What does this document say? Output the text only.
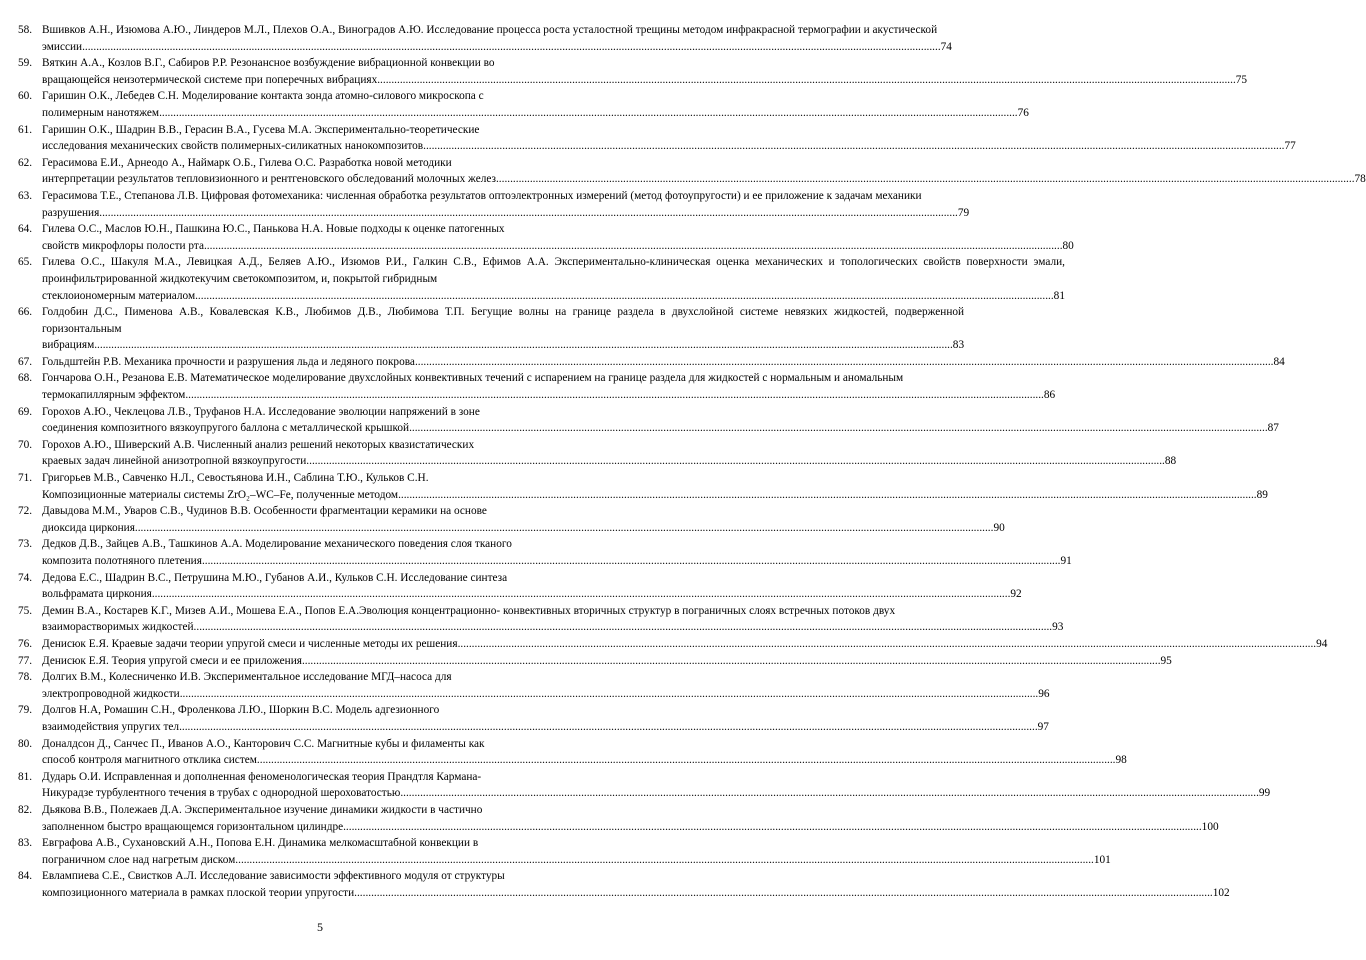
58. Вшивков А.Н., Изюмова А.Ю., Линдеров М.Л., Плехов О.А., Виноградов А.Ю. Исследование процесса роста усталостной трещины методом инфракрасной термографии и акустической
эмиссии .....	74
59. Вяткин А.А., Козлов В.Г., Сабиров Р.Р. Резонансное возбуждение вибрационной конвекции во
вращающейся неизотермической системе при поперечных вибрациях .....	75
60. Гаришин О.К., Лебедев С.Н. Моделирование контакта зонда атомно-силового микроскопа с
полимерным нанотяжем .....	76
61. Гаришин О.К., Шадрин В.В., Герасин В.А., Гусева М.А. Экспериментально-теоретические
исследования механических свойств полимерных-силикатных нанокомпозитов. .....	77
62. Герасимова Е.И., Арнеодо А., Наймарк О.Б., Гилева О.С. Разработка новой методики
интерпретации результатов тепловизионного и рентгеновского обследований молочных желез .....	78
63. Герасимова Т.Е., Степанова Л.В. Цифровая фотомеханика: численная обработка результатов оптоэлектронных измерений (метод фотоупругости) и ее приложение к задачам механики
разрушения .....	79
64. Гилева О.С., Маслов Ю.Н., Пашкина Ю.С., Паньковa Н.А. Новые подходы к оценке патогенных
свойств микрофлоры полости рта .....	80
65. Гилева О.С., Шакуля М.А., Левицкая А.Д., Беляев А.Ю., Изюмов Р.И., Галкин С.В., Ефимов А.А. Экспериментально-клиническая оценка механических и топологических свойств поверхности эмали, проинфильтрированной жидкотекучим светокомпозитом, и, покрытой гибридным
стеклоиономерным материалом .....	81
66. Голдобин Д.С., Пименова А.В., Ковалевская К.В., Любимов Д.В., Любимова Т.П. Бегущие волны на границе раздела в двухслойной системе невязких жидкостей, подверженной горизонтальным
вибрациям .....	83
67. Гольдштейн Р.В. Механика прочности и разрушения льда и ледяного покрова .....	84
68. Гончарова О.Н., Резанова Е.В. Математическое моделирование двухслойных конвективных течений с испарением на границе раздела для жидкостей с нормальным и аномальным
термокапиллярным эффектом .....	86
69. Горохов А.Ю., Чеклецова Л.В., Труфанов Н.А. Исследование эволюции напряжений в зоне
соединения композитного вязкоупругого баллона с металлической крышкой .....	87
70. Горохов А.Ю., Шиверский А.В. Численный анализ решений некоторых квазистатических
краевых задач линейной анизотропной вязкоупругости .....	88
71. Григорьев М.В., Савченко Н.Л., Севостьянова И.Н., Саблина Т.Ю., Кульков С.Н.
Композиционные материалы системы ZrO₂–WC–Fe, полученные методом .....	89
72. Давыдова М.М., Уваров С.В., Чудинов В.В. Особенности фрагментации керамики на основе
диоксида циркония .....	90
73. Дедков Д.В., Зайцев А.В., Ташкинов А.А. Моделирование механического поведения слоя тканого
композита полотняного плетения .....	91
74. Дедова Е.С., Шадрин В.С., Петрушина М.Ю., Губанов А.И., Кульков С.Н. Исследование синтеза
вольфрамата циркония .....	92
75. Демин В.А., Костарев К.Г., Мизев А.И., Мошева Е.А., Попов Е.А.Эволюция концентрационно- конвективных вторичных структур в пограничных слоях встречных потоков двух
взаиморастворимых жидкостей .....	93
76. Денисюк Е.Я. Краевые задачи теории упругой смеси и численные методы их решения .....	94
77. Денисюк Е.Я. Теория упругой смеси и ее приложения .....	95
78. Долгих В.М., Колесниченко И.В. Экспериментальное исследование МГД–насоса для
электропроводной жидкости .....	96
79. Долгов Н.А, Ромашин С.Н., Фроленкова Л.Ю., Шоркин В.С. Модель адгезионного
взаимодействия упругих тел .....	97
80. Доналдсон Д., Санчес П., Иванов А.О., Канторович С.С. Магнитные кубы и филаменты как
способ контроля магнитного отклика систем .....	98
81. Дударь О.И. Исправленная и дополненная феноменологическая теория Прандтля Кармана-
Никурадзе турбулентного течения в трубах с однородной шероховатостью .....	99
82. Дьякова В.В., Полежаев Д.А. Экспериментальное изучение динамики жидкости в частично
заполненном быстро вращающемся горизонтальном цилиндре .....	100
83. Евграфова А.В., Сухановский А.Н., Попова Е.Н. Динамика мелкомасштабной конвекции в
пограничном слое над нагретым диском .....	101
84. Евлампиева С.Е., Свистков А.Л. Исследование зависимости эффективного модуля от структуры
композиционного материала в рамках плоской теории упругости .....	102
5
